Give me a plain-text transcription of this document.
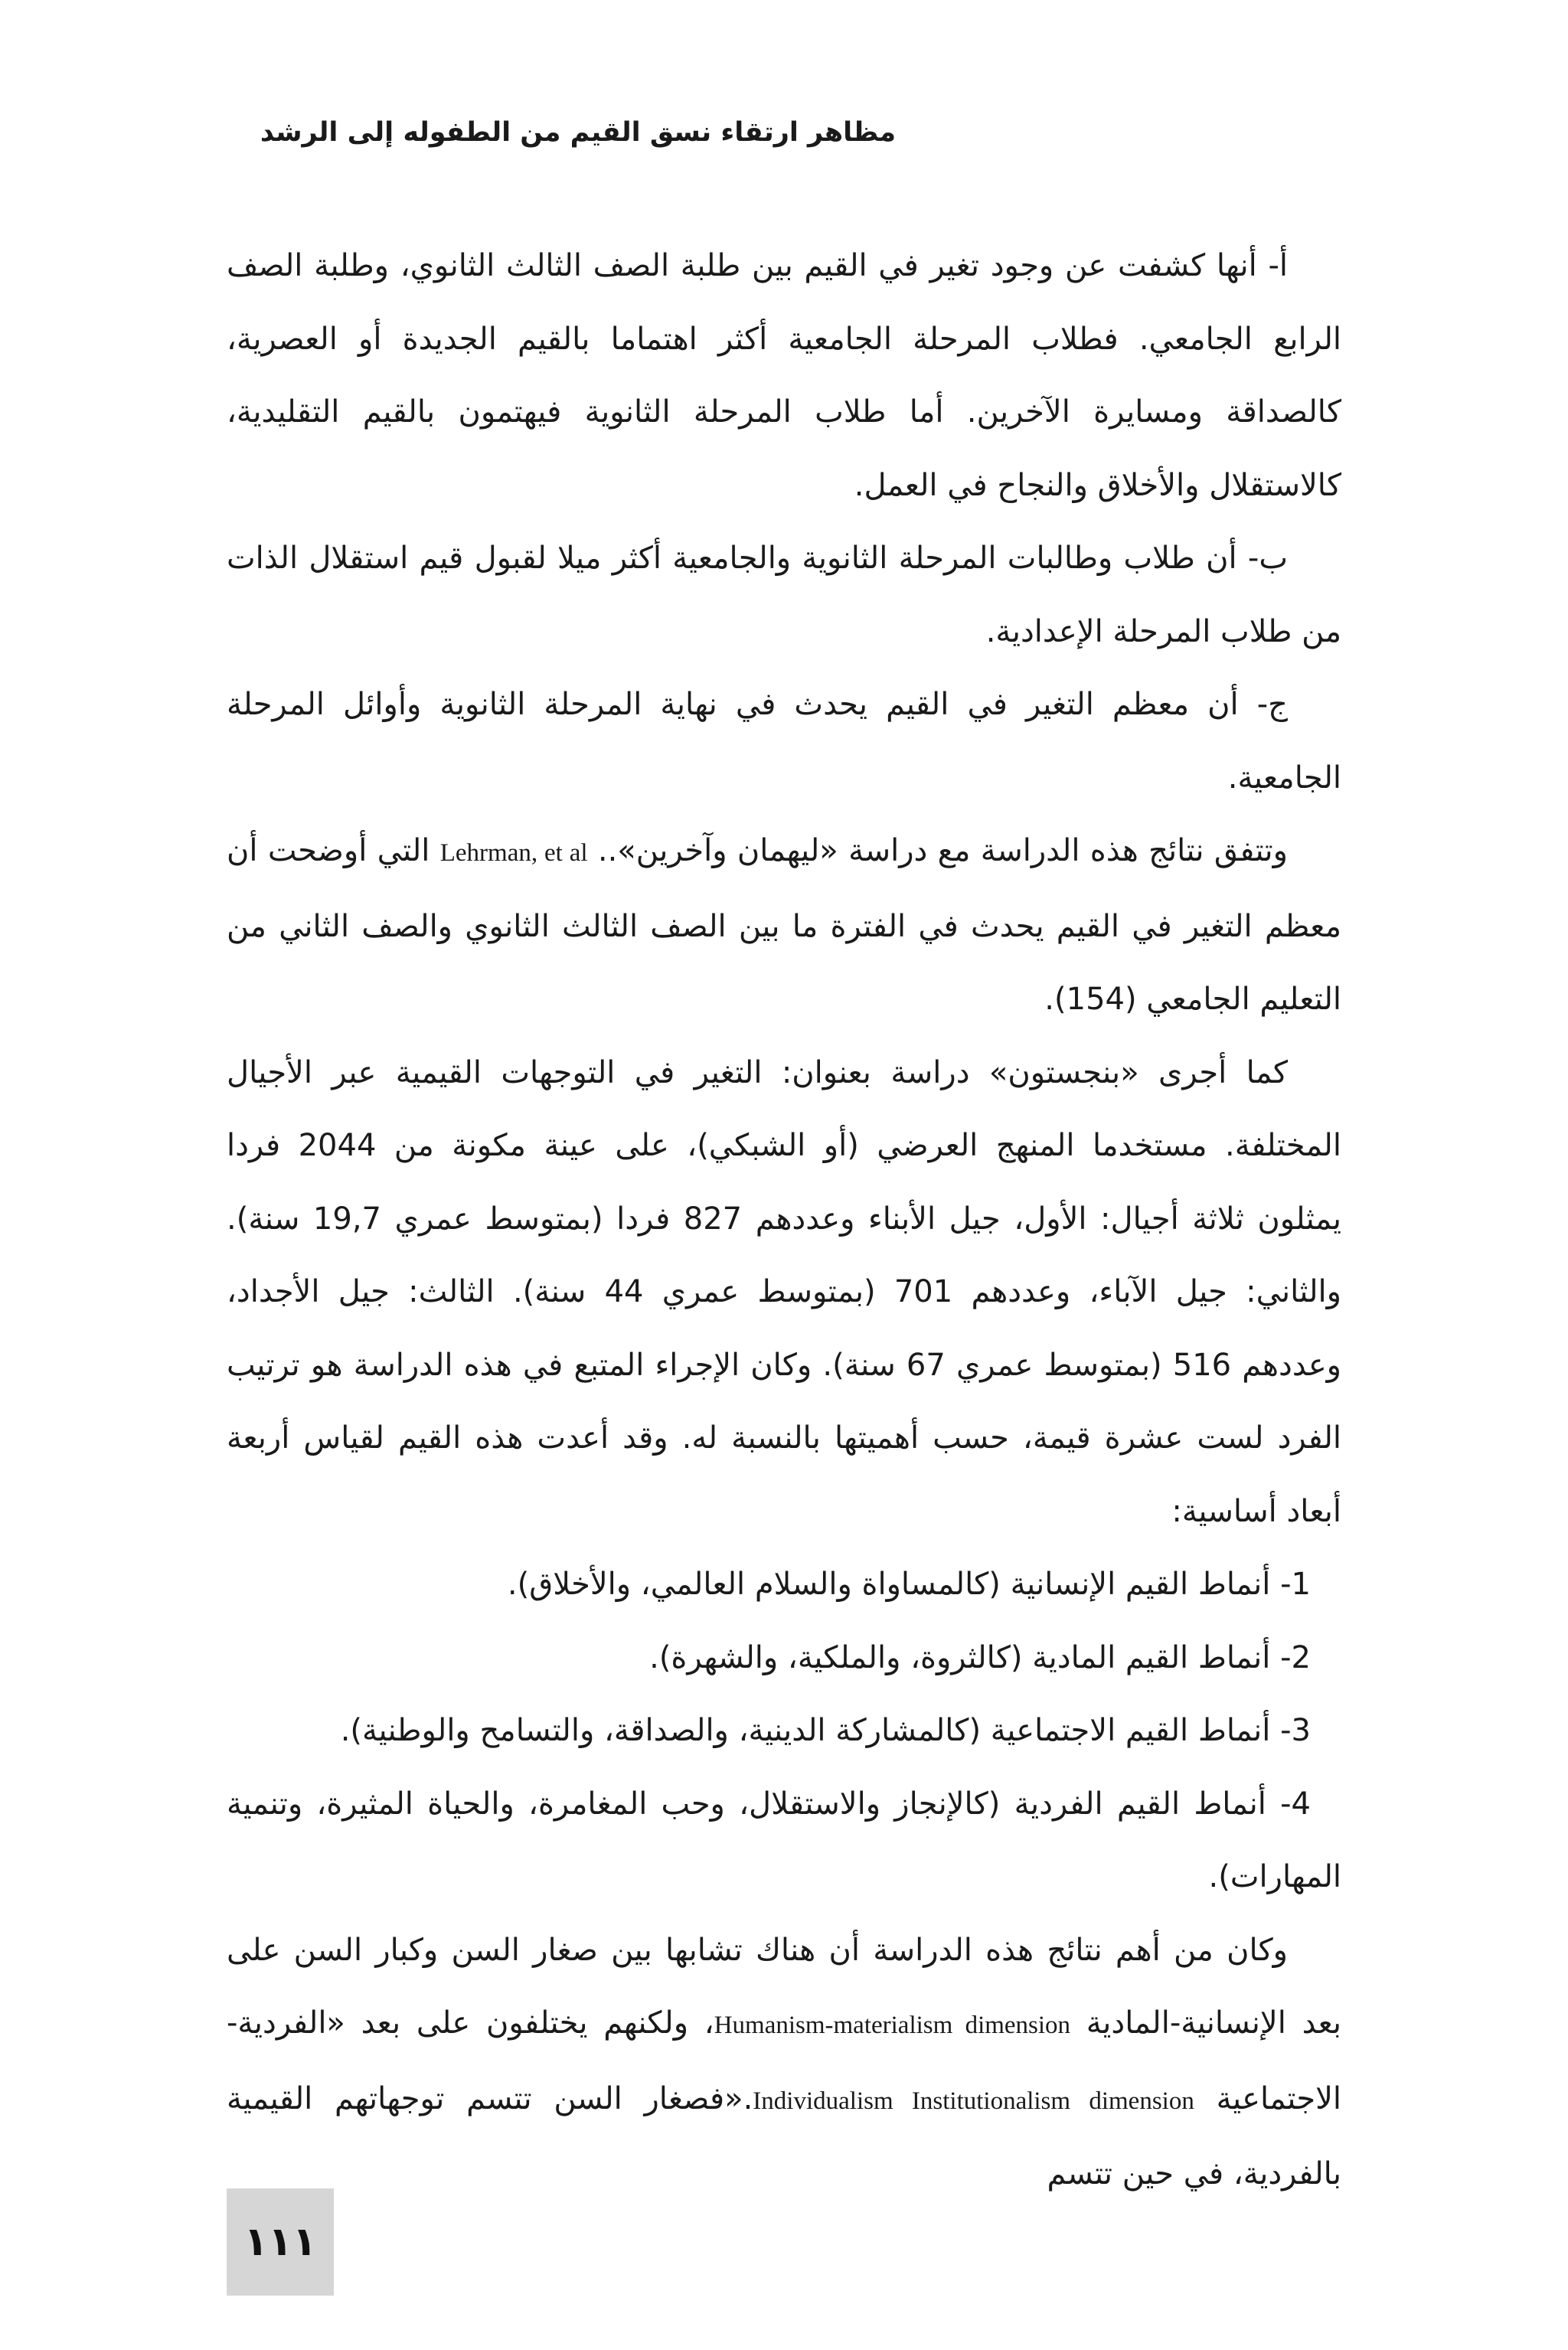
مظاهر ارتقاء نسق القيم من الطفوله إلى الرشد

أ- أنها كشفت عن وجود تغير في القيم بين طلبة الصف الثالث الثانوي، وطلبة الصف الرابع الجامعي. فطلاب المرحلة الجامعية أكثر اهتماما بالقيم الجديدة أو العصرية، كالصداقة ومسايرة الآخرين. أما طلاب المرحلة الثانوية فيهتمون بالقيم التقليدية، كالاستقلال والأخلاق والنجاح في العمل.

ب- أن طلاب وطالبات المرحلة الثانوية والجامعية أكثر ميلا لقبول قيم استقلال الذات من طلاب المرحلة الإعدادية.

ج- أن معظم التغير في القيم يحدث في نهاية المرحلة الثانوية وأوائل المرحلة الجامعية.

وتتفق نتائج هذه الدراسة مع دراسة «ليهمان وآخرين».. Lehrman, et al التي أوضحت أن معظم التغير في القيم يحدث في الفترة ما بين الصف الثالث الثانوي والصف الثاني من التعليم الجامعي (154).

كما أجرى «بنجستون» دراسة بعنوان: التغير في التوجهات القيمية عبر الأجيال المختلفة. مستخدما المنهج العرضي (أو الشبكي)، على عينة مكونة من 2044 فردا يمثلون ثلاثة أجيال: الأول، جيل الأبناء وعددهم 827 فردا (بمتوسط عمري 19,7 سنة). والثاني: جيل الآباء، وعددهم 701 (بمتوسط عمري 44 سنة). الثالث: جيل الأجداد، وعددهم 516 (بمتوسط عمري 67 سنة). وكان الإجراء المتبع في هذه الدراسة هو ترتيب الفرد لست عشرة قيمة، حسب أهميتها بالنسبة له. وقد أعدت هذه القيم لقياس أربعة أبعاد أساسية:

1- أنماط القيم الإنسانية (كالمساواة والسلام العالمي، والأخلاق).

2- أنماط القيم المادية (كالثروة، والملكية، والشهرة).

3- أنماط القيم الاجتماعية (كالمشاركة الدينية، والصداقة، والتسامح والوطنية).

4- أنماط القيم الفردية (كالإنجاز والاستقلال، وحب المغامرة، والحياة المثيرة، وتنمية المهارات).

وكان من أهم نتائج هذه الدراسة أن هناك تشابها بين صغار السن وكبار السن على بعد الإنسانية-المادية Humanism-materialism dimension، ولكنهم يختلفون على بعد «الفردية-الاجتماعية Individualism Institutionalism dimension.«فصغار السن تتسم توجهاتهم القيمية بالفردية، في حين تتسم

١١١
